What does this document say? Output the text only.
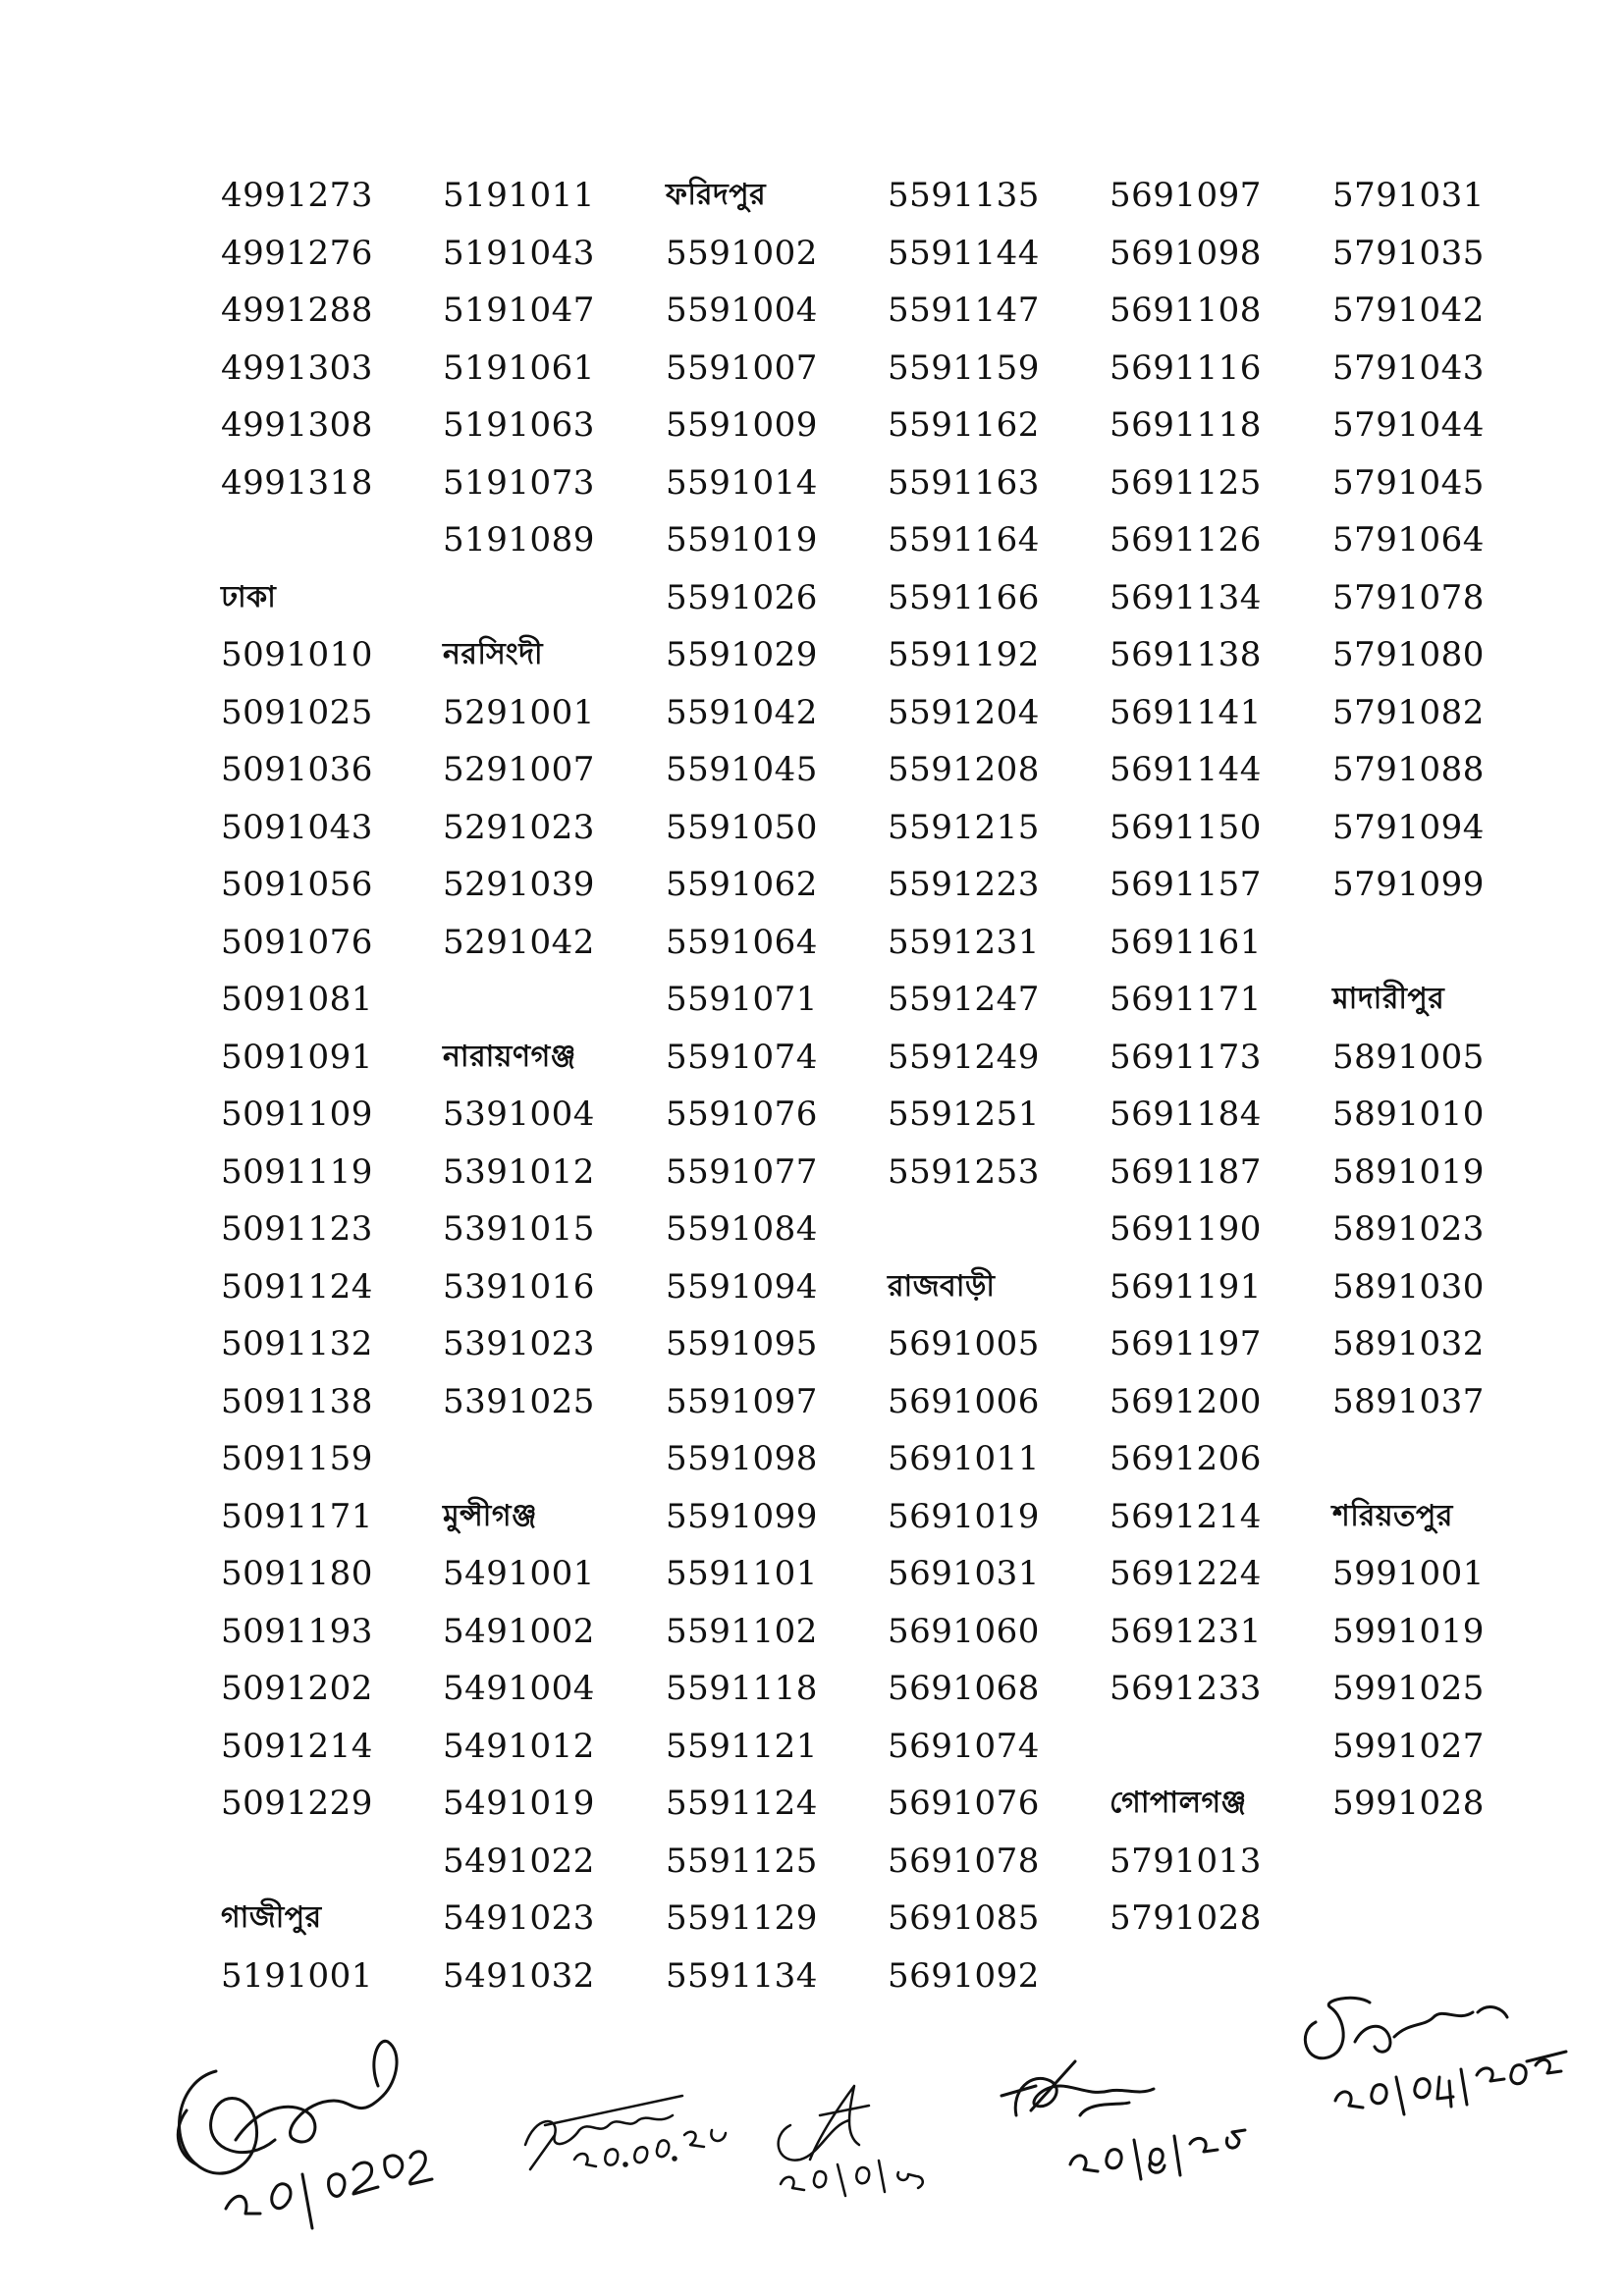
4991273
4991276
4991288
4991303
4991308
4991318
ঢাকা
5091010
5091025
5091036
5091043
5091056
5091076
5091081
5091091
5091109
5091119
5091123
5091124
5091132
5091138
5091159
5091171
5091180
5091193
5091202
5091214
5091229
গাজীপুর
5191001
5191011
5191043
5191047
5191061
5191063
5191073
5191089
নরসিংদী
5291001
5291007
5291023
5291039
5291042
নারায়ণগঞ্জ
5391004
5391012
5391015
5391016
5391023
5391025
মুন্সীগঞ্জ
5491001
5491002
5491004
5491012
5491019
5491022
5491023
5491032
ফরিদপুর
5591002
5591004
5591007
5591009
5591014
5591019
5591026
5591029
5591042
5591045
5591050
5591062
5591064
5591071
5591074
5591076
5591077
5591084
5591094
5591095
5591097
5591098
5591099
5591101
5591102
5591118
5591121
5591124
5591125
5591129
5591134
5591135
5591144
5591147
5591159
5591162
5591163
5591164
5591166
5591192
5591204
5591208
5591215
5591223
5591231
5591247
5591249
5591251
5591253
রাজবাড়ী
5691005
5691006
5691011
5691019
5691031
5691060
5691068
5691074
5691076
5691078
5691085
5691092
5691097
5691098
5691108
5691116
5691118
5691125
5691126
5691134
5691138
5691141
5691144
5691150
5691157
5691161
5691171
5691173
5691184
5691187
5691190
5691191
5691197
5691200
5691206
5691214
5691224
5691231
5691233
গোপালগঞ্জ
5791013
5791028
5791031
5791035
5791042
5791043
5791044
5791045
5791064
5791078
5791080
5791082
5791088
5791094
5791099
মাদারীপুর
5891005
5891010
5891019
5891023
5891030
5891032
5891037
শরিয়তপুর
5991001
5991019
5991025
5991027
5991028
